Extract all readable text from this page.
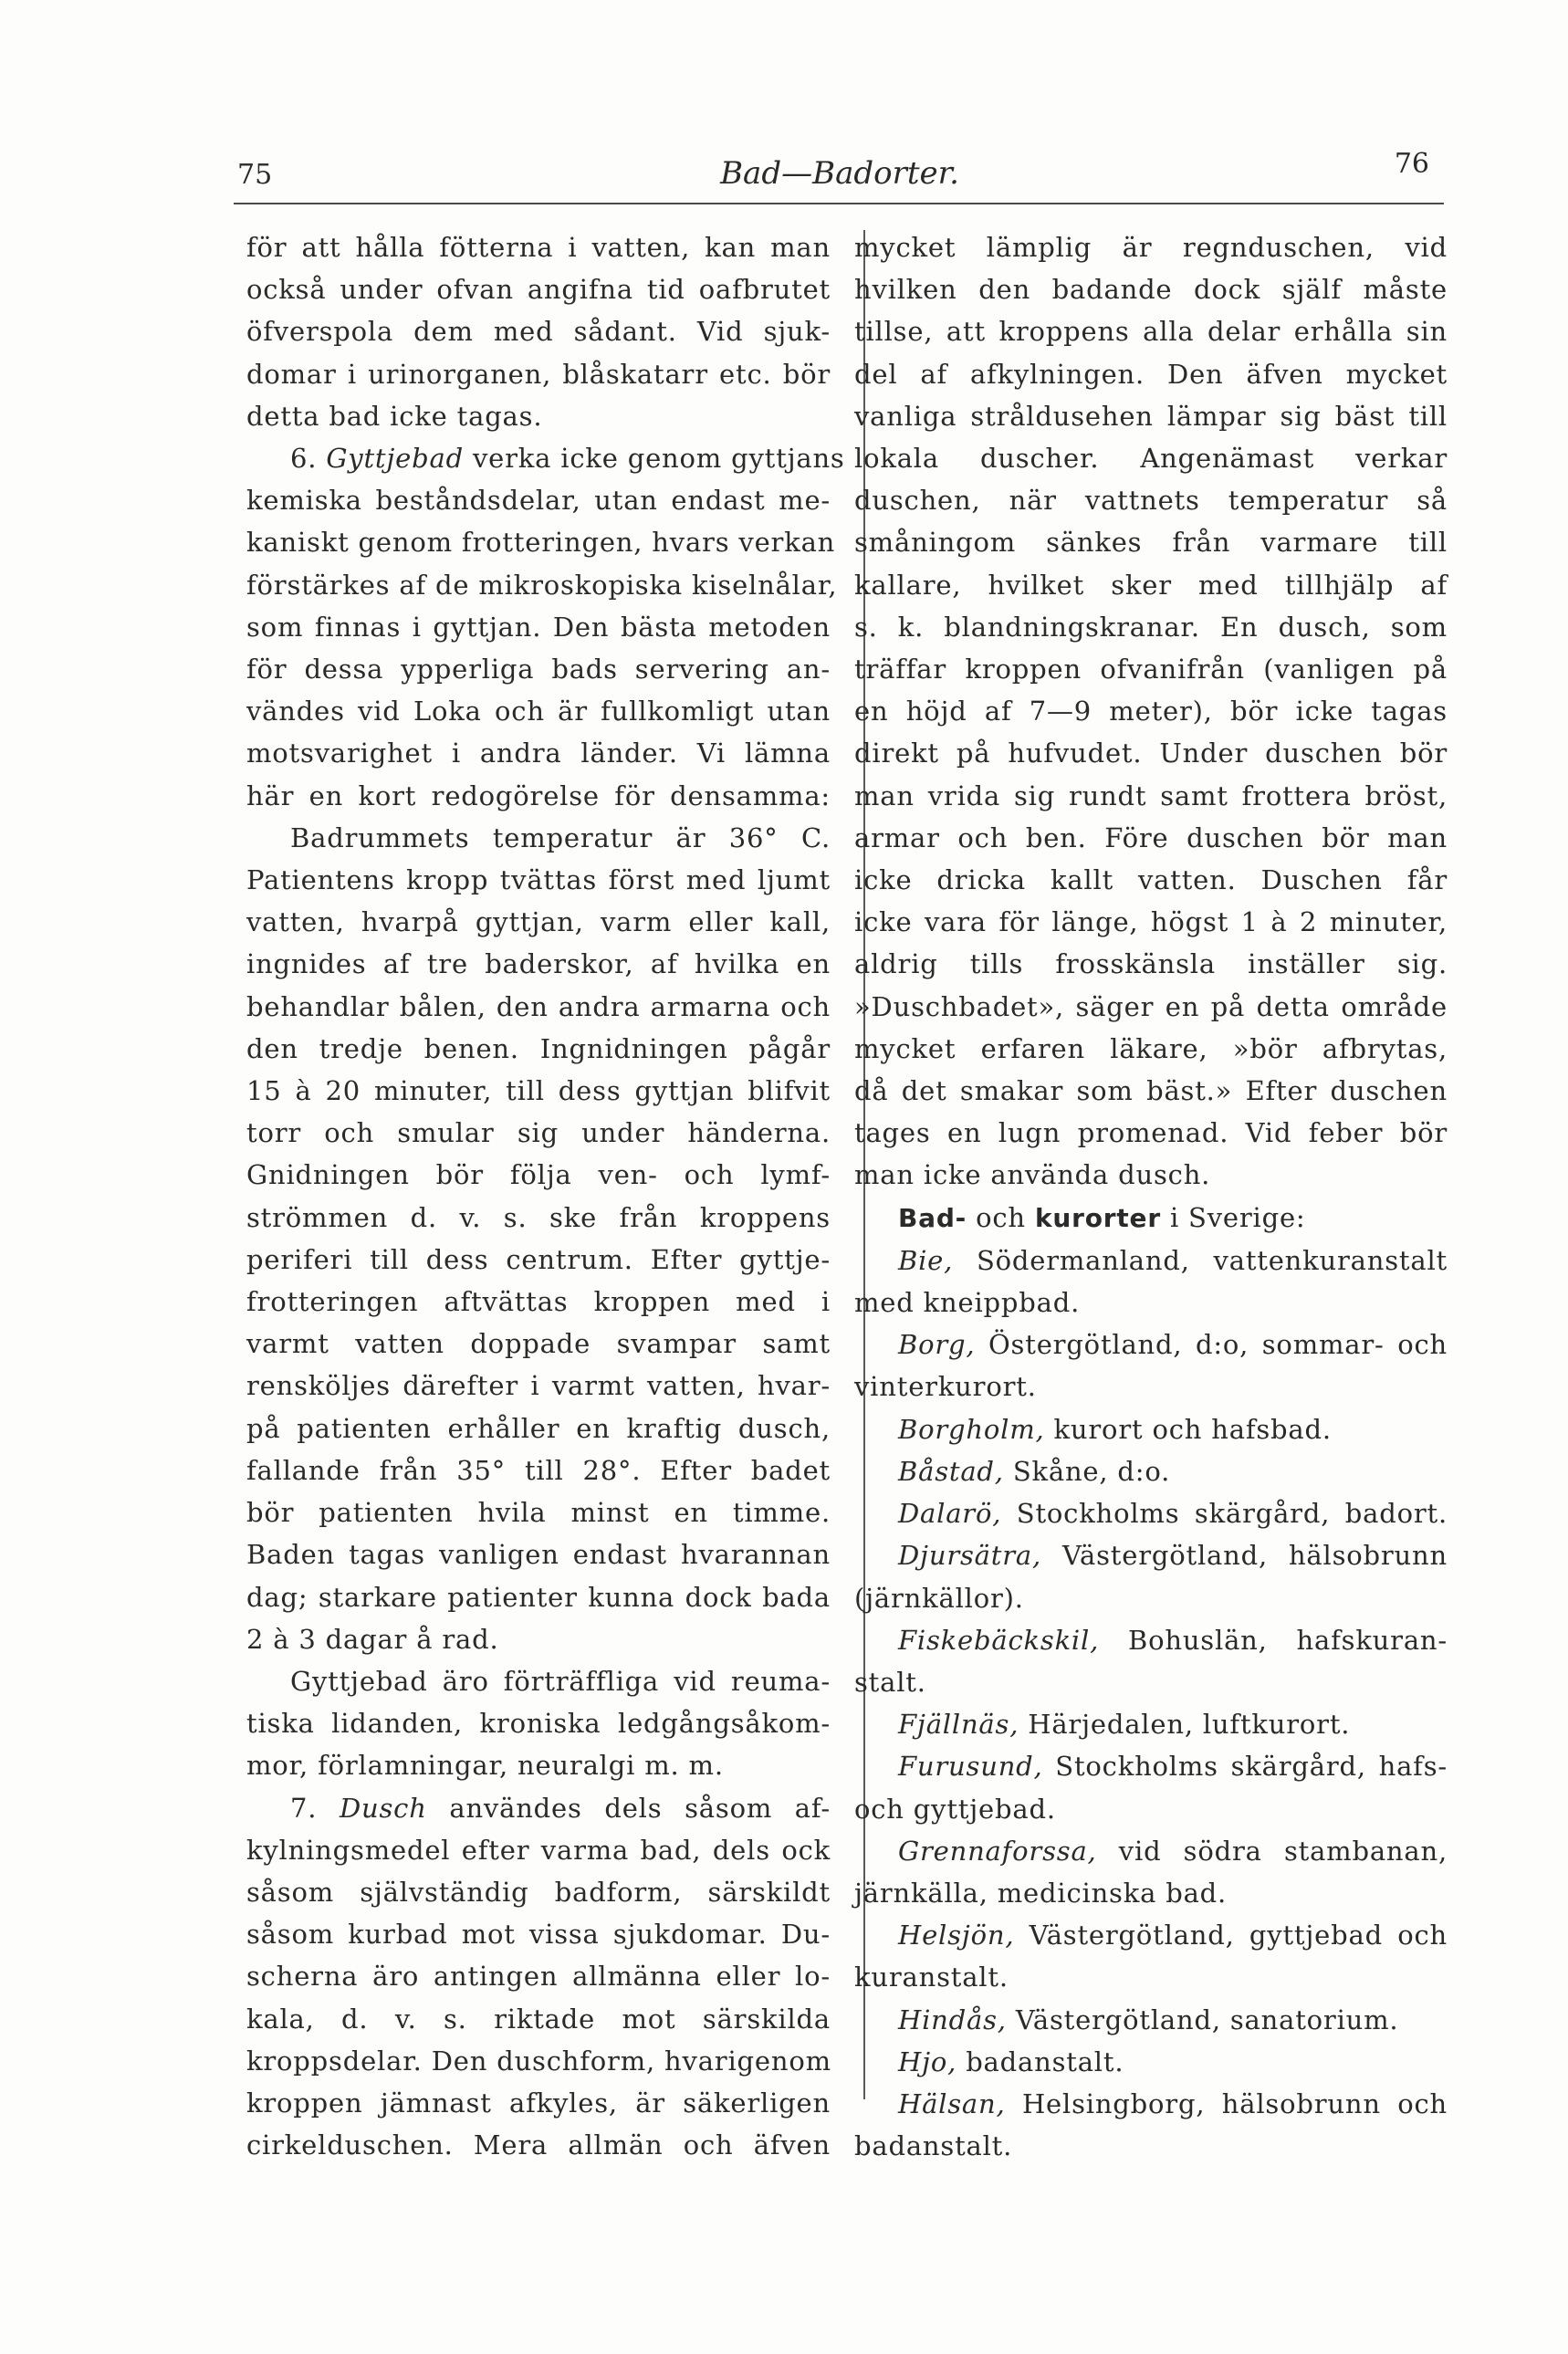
75	Bad—Badorter.	76
för att hålla fötterna i vatten, kan man
också under ofvan angifna tid oafbrutet
öfverspola dem med sådant. Vid sjuk-
domar i urinorganen, blåskatarr etc. bör
detta bad icke tagas.
6. Gyttjebad verka icke genom gyttjans
kemiska beståndsdelar, utan endast me-
kaniskt genom frotteringen, hvars verkan
förstärkes af de mikroskopiska kiselnålar,
som finnas i gyttjan. Den bästa metoden
för dessa ypperliga bads servering an-
vändes vid Loka och är fullkomligt utan
motsvarighet i andra länder. Vi lämna
här en kort redogörelse för densamma:
Badrummets temperatur är 36° C.
Patientens kropp tvättas först med ljumt
vatten, hvarpå gyttjan, varm eller kall,
ingnides af tre baderskor, af hvilka en
behandlar bålen, den andra armarna och
den tredje benen. Ingnidningen pågår
15 à 20 minuter, till dess gyttjan blifvit
torr och smular sig under händerna.
Gnidningen bör följa ven- och lymf-
strömmen d. v. s. ske från kroppens
periferi till dess centrum. Efter gyttje-
frotteringen aftvättas kroppen med i
varmt vatten doppade svampar samt
rensköljes därefter i varmt vatten, hvar-
på patienten erhåller en kraftig dusch,
fallande från 35° till 28°. Efter badet
bör patienten hvila minst en timme.
Baden tagas vanligen endast hvarannan
dag; starkare patienter kunna dock bada
2 à 3 dagar å rad.
Gyttjebad äro förträffliga vid reuma-
tiska lidanden, kroniska ledgångsåkom-
mor, förlamningar, neuralgi m. m.
7. Dusch användes dels såsom af-
kylningsmedel efter varma bad, dels ock
såsom självständig badform, särskildt
såsom kurbad mot vissa sjukdomar. Du-
scherna äro antingen allmänna eller lo-
kala, d. v. s. riktade mot särskilda
kroppsdelar. Den duschform, hvarigenom
kroppen jämnast afkyles, är säkerligen
cirkelduschen. Mera allmän och äfven
mycket lämplig är regnduschen, vid
hvilken den badande dock själf måste
tillse, att kroppens alla delar erhålla sin
del af afkylningen. Den äfven mycket
vanliga stråldusehen lämpar sig bäst till
lokala duscher. Angenämast verkar
duschen, när vattnets temperatur så
småningom sänkes från varmare till
kallare, hvilket sker med tillhjälp af
s. k. blandningskranar. En dusch, som
träffar kroppen ofvanifrån (vanligen på
en höjd af 7—9 meter), bör icke tagas
direkt på hufvudet. Under duschen bör
man vrida sig rundt samt frottera bröst,
armar och ben. Före duschen bör man
icke dricka kallt vatten. Duschen får
icke vara för länge, högst 1 à 2 minuter,
aldrig tills frosskänsla inställer sig.
»Duschbadet», säger en på detta område
mycket erfaren läkare, »bör afbrytas,
då det smakar som bäst.» Efter duschen
tages en lugn promenad. Vid feber bör
man icke använda dusch.
Bad- och kurorter i Sverige:
Bie, Södermanland, vattenkuranstalt
med kneippbad.
Borg, Östergötland, d:o, sommar- och
vinterkurort.
Borgholm, kurort och hafsbad.
Båstad, Skåne, d:o.
Dalarö, Stockholms skärgård, badort.
Djursätra, Västergötland, hälsobrunn
(järnkällor).
Fiskebäckskil, Bohuslän, hafskuran-
stalt.
Fjällnäs, Härjedalen, luftkurort.
Furusund, Stockholms skärgård, hafs-
och gyttjebad.
Grennaforssa, vid södra stambanan,
järnkälla, medicinska bad.
Helsjön, Västergötland, gyttjebad och
kuranstalt.
Hindås, Västergötland, sanatorium.
Hjo, badanstalt.
Hälsan, Helsingborg, hälsobrunn och
badanstalt.
